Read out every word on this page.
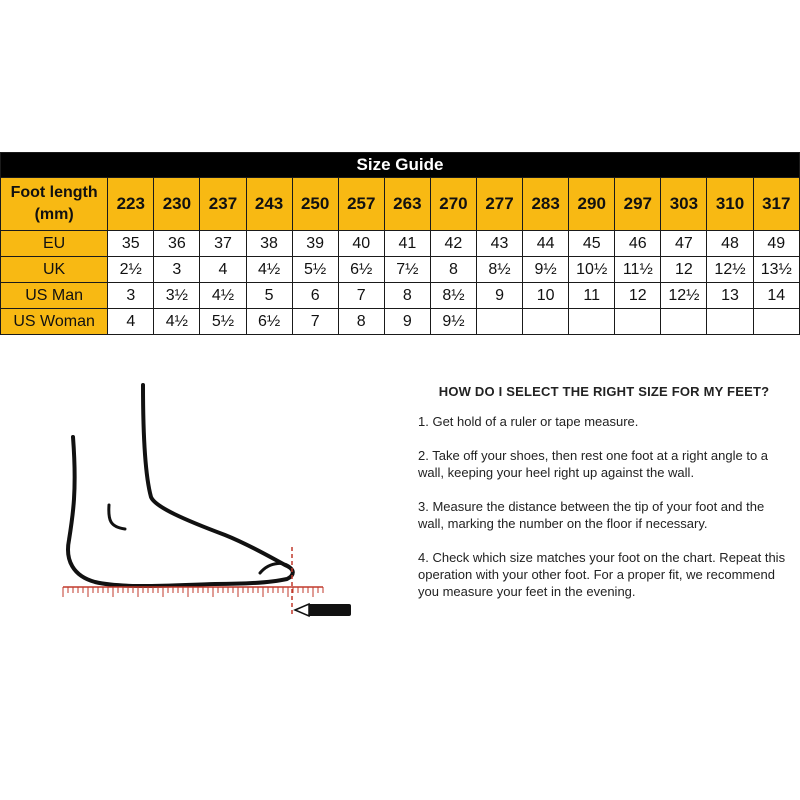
Size Guide															
Foot length
(mm)	223	230	237	243	250	257	263	270	277	283	290	297	303	310	317
EU	35	36	37	38	39	40	41	42	43	44	45	46	47	48	49
UK	2½	3	4	4½	5½	6½	7½	8	8½	9½	10½	11½	12	12½	13½
US Man	3	3½	4½	5	6	7	8	8½	9	10	11	12	12½	13	14
US Woman	4	4½	5½	6½	7	8	9	9½							
HOW DO I SELECT THE RIGHT SIZE FOR MY FEET?

1. Get hold of a ruler or tape measure.

2. Take off your shoes, then rest one foot at a right angle to a wall, keeping your heel right up against the wall.

3. Measure the distance between the tip of your foot and the wall, marking the number on the floor if necessary.

4. Check which size matches your foot on the chart. Repeat this operation with your other foot. For a proper fit, we recommend you measure your feet in the evening.
